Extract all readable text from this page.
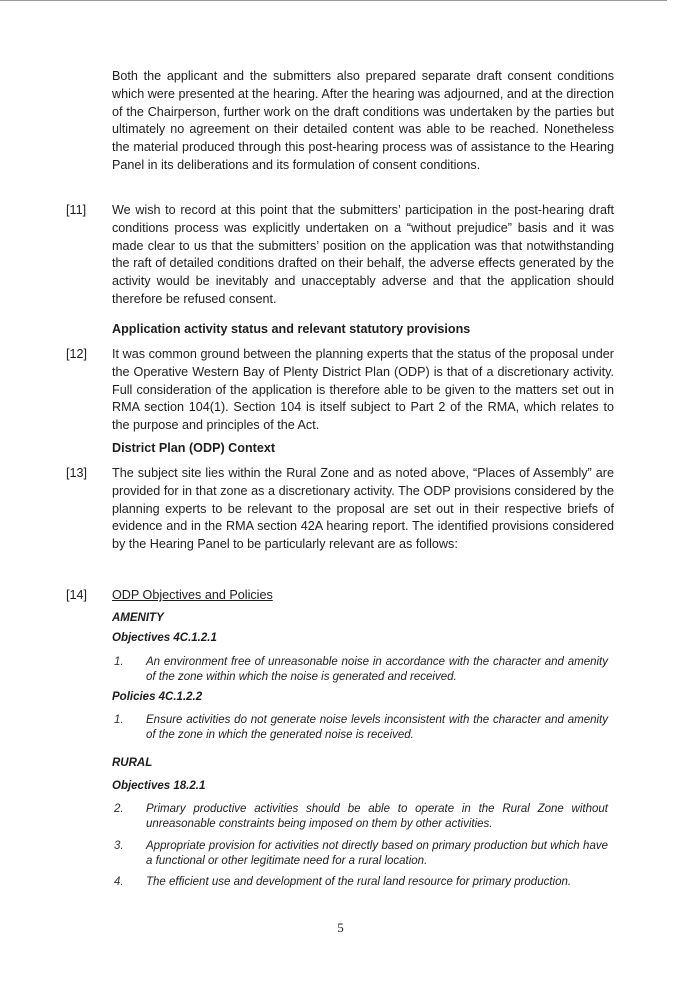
Both the applicant and the submitters also prepared separate draft consent conditions which were presented at the hearing. After the hearing was adjourned, and at the direction of the Chairperson, further work on the draft conditions was undertaken by the parties but ultimately no agreement on their detailed content was able to be reached. Nonetheless the material produced through this post-hearing process was of assistance to the Hearing Panel in its deliberations and its formulation of consent conditions.

[11] We wish to record at this point that the submitters’ participation in the post-hearing draft conditions process was explicitly undertaken on a “without prejudice” basis and it was made clear to us that the submitters’ position on the application was that notwithstanding the raft of detailed conditions drafted on their behalf, the adverse effects generated by the activity would be inevitably and unacceptably adverse and that the application should therefore be refused consent.

Application activity status and relevant statutory provisions
[12] It was common ground between the planning experts that the status of the proposal under the Operative Western Bay of Plenty District Plan (ODP) is that of a discretionary activity. Full consideration of the application is therefore able to be given to the matters set out in RMA section 104(1). Section 104 is itself subject to Part 2 of the RMA, which relates to the purpose and principles of the Act.

District Plan (ODP) Context
[13] The subject site lies within the Rural Zone and as noted above, “Places of Assembly” are provided for in that zone as a discretionary activity. The ODP provisions considered by the planning experts to be relevant to the proposal are set out in their respective briefs of evidence and in the RMA section 42A hearing report. The identified provisions considered by the Hearing Panel to be particularly relevant are as follows:

[14] ODP Objectives and Policies
AMENITY
Objectives 4C.1.2.1
1. An environment free of unreasonable noise in accordance with the character and amenity of the zone within which the noise is generated and received.

Policies 4C.1.2.2
1. Ensure activities do not generate noise levels inconsistent with the character and amenity of the zone in which the generated noise is received.

RURAL
Objectives 18.2.1
2. Primary productive activities should be able to operate in the Rural Zone without unreasonable constraints being imposed on them by other activities.

3. Appropriate provision for activities not directly based on primary production but which have a functional or other legitimate need for a rural location.

4. The efficient use and development of the rural land resource for primary production.

5
